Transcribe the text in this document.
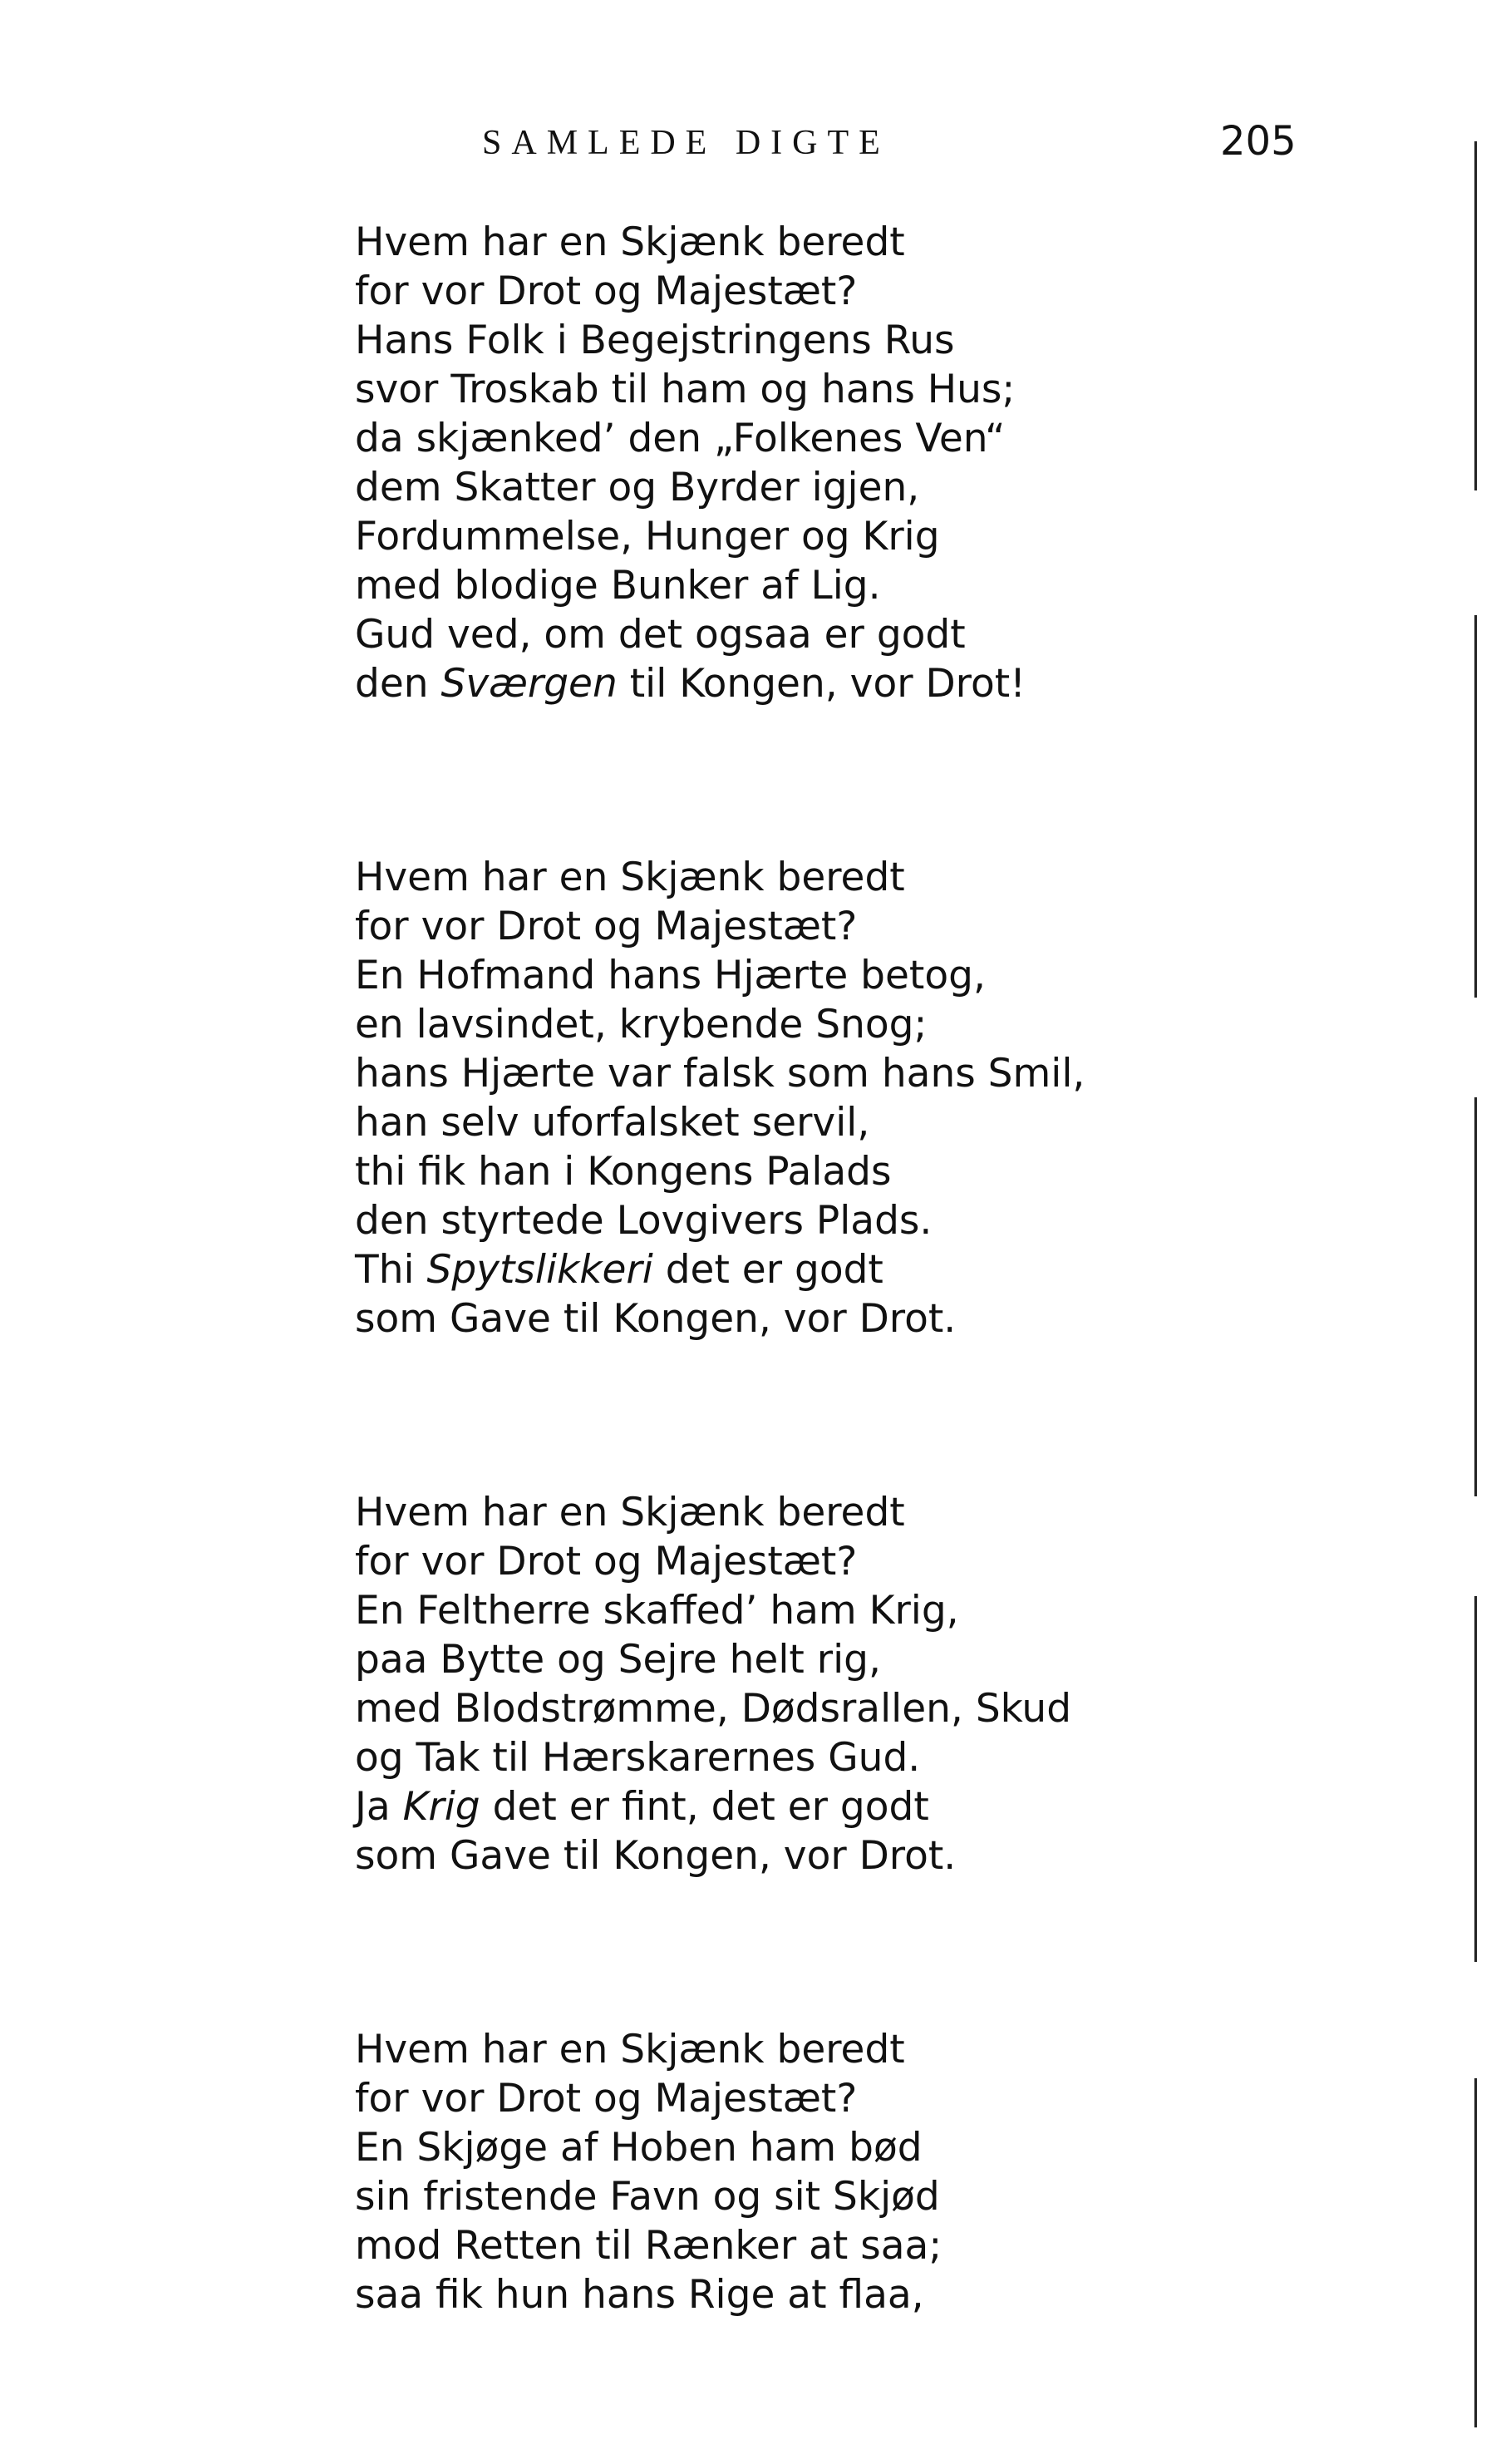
SAMLEDE DIGTE	205
Hvem har en Skjænk beredt
for vor Drot og Majestæt?
Hans Folk i Begejstringens Rus
svor Troskab til ham og hans Hus;
da skjænked’ den „Folkenes Ven“
dem Skatter og Byrder igjen,
Fordummelse, Hunger og Krig
med blodige Bunker af Lig.
Gud ved, om det ogsaa er godt
den Sværgen til Kongen, vor Drot!
Hvem har en Skjænk beredt
for vor Drot og Majestæt?
En Hofmand hans Hjærte betog,
en lavsindet, krybende Snog;
hans Hjærte var falsk som hans Smil,
han selv uforfalsket servil,
thi fik han i Kongens Palads
den styrtede Lovgivers Plads.
Thi Spytslikkeri det er godt
som Gave til Kongen, vor Drot.
Hvem har en Skjænk beredt
for vor Drot og Majestæt?
En Feltherre skaffed’ ham Krig,
paa Bytte og Sejre helt rig,
med Blodstrømme, Dødsrallen, Skud
og Tak til Hærskarernes Gud.
Ja Krig det er fint, det er godt
som Gave til Kongen, vor Drot.
Hvem har en Skjænk beredt
for vor Drot og Majestæt?
En Skjøge af Hoben ham bød
sin fristende Favn og sit Skjød
mod Retten til Rænker at saa;
saa fik hun hans Rige at flaa,
